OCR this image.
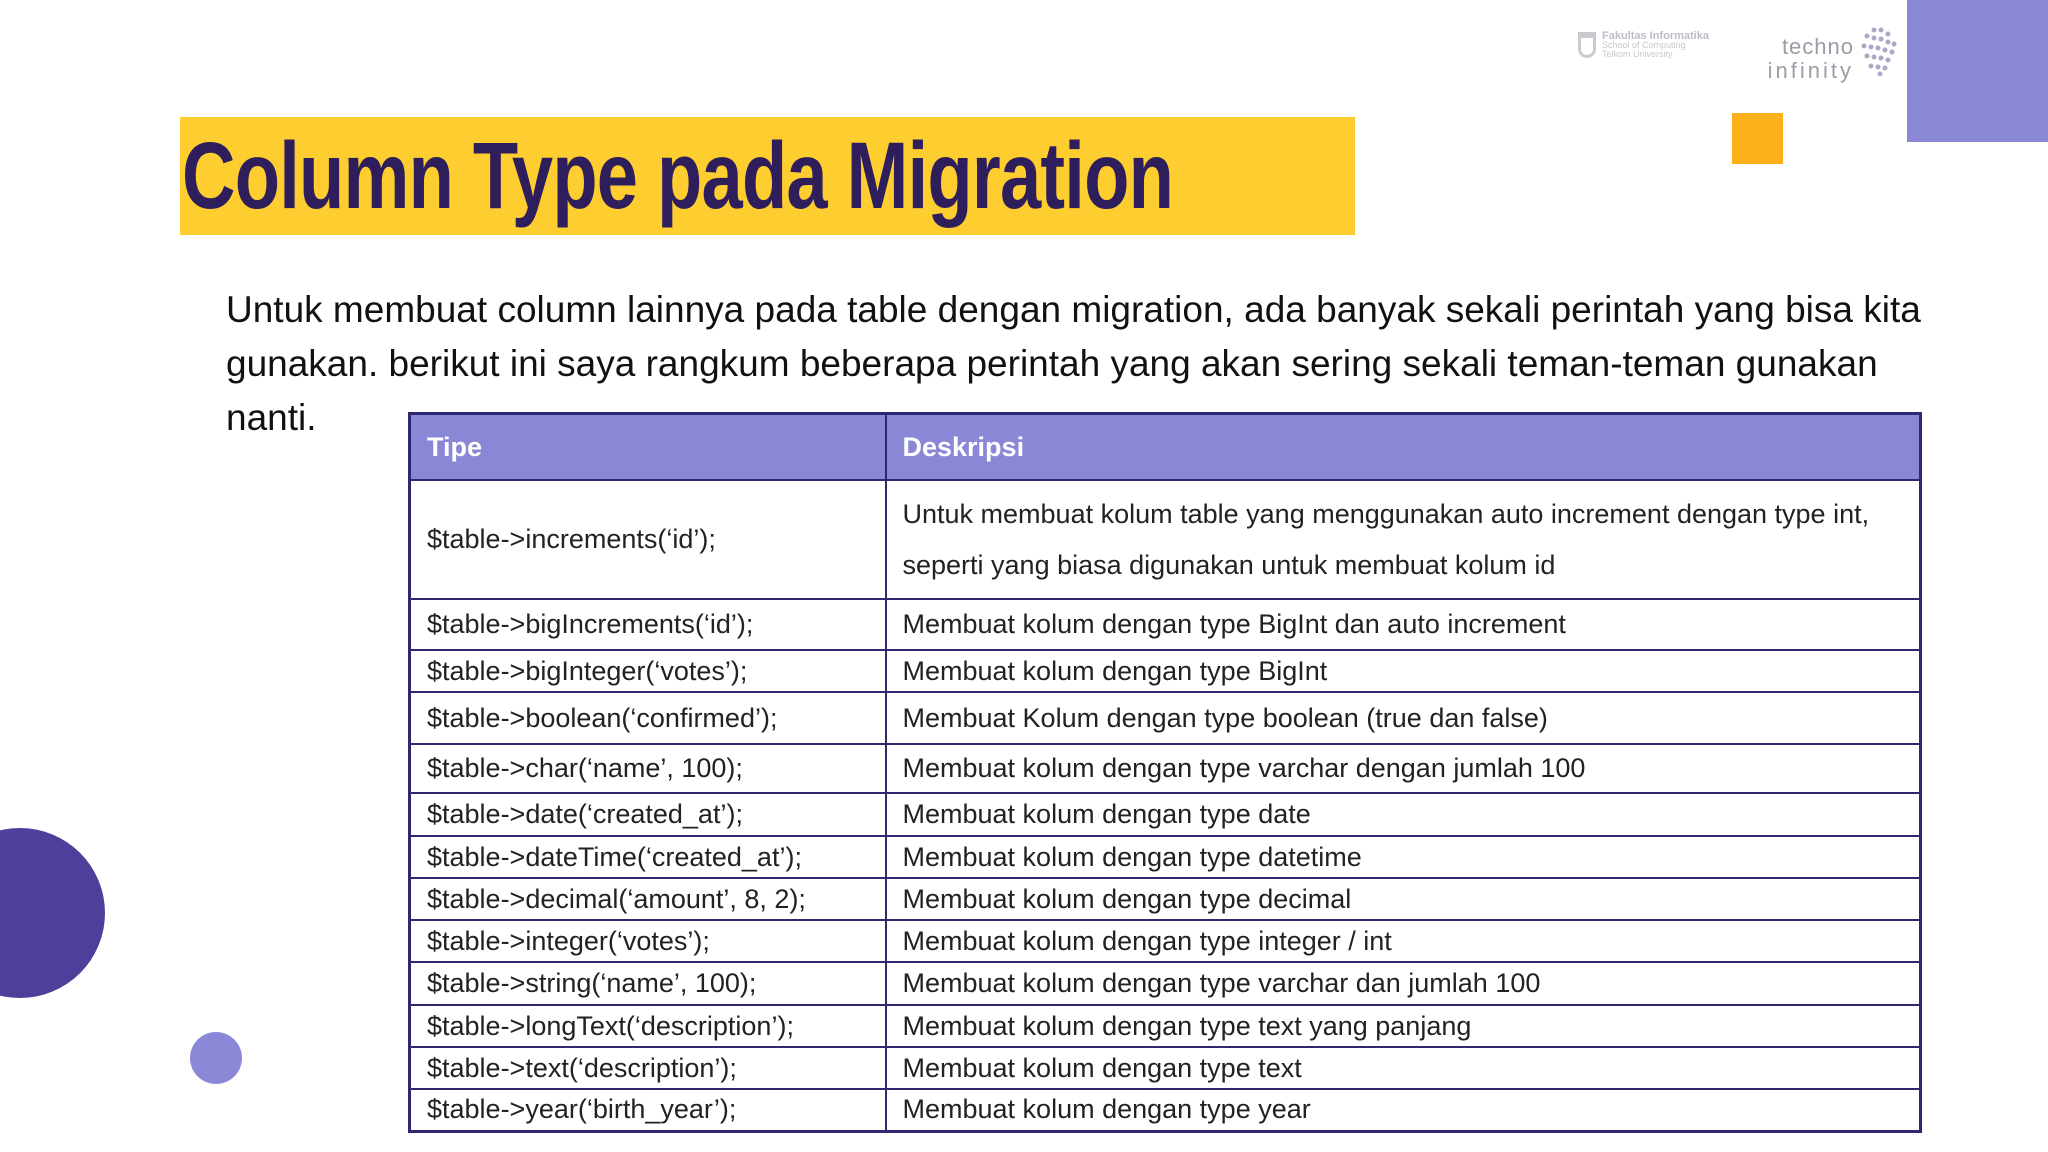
Fakultas Informatika
School of Computing
Telkom University	techno
infinity
Column Type pada Migration

Untuk membuat column lainnya pada table dengan migration, ada banyak sekali perintah yang bisa kita gunakan. berikut ini saya rangkum beberapa perintah yang akan sering sekali teman-teman gunakan nanti.

Tipe	Deskripsi
$table->increments(‘id’);	Untuk membuat kolum table yang menggunakan auto increment dengan type int, seperti yang biasa digunakan untuk membuat kolum id
$table->bigIncrements(‘id’);	Membuat kolum dengan type BigInt dan auto increment
$table->bigInteger(‘votes’);	Membuat kolum dengan type BigInt
$table->boolean(‘confirmed’);	Membuat Kolum dengan type boolean (true dan false)
$table->char(‘name’, 100);	Membuat kolum dengan type varchar dengan jumlah 100
$table->date(‘created_at’);	Membuat kolum dengan type date
$table->dateTime(‘created_at’);	Membuat kolum dengan type datetime
$table->decimal(‘amount’, 8, 2);	Membuat kolum dengan type decimal
$table->integer(‘votes’);	Membuat kolum dengan type integer / int
$table->string(‘name’, 100);	Membuat kolum dengan type varchar dan jumlah 100
$table->longText(‘description’);	Membuat kolum dengan type text yang panjang
$table->text(‘description’);	Membuat kolum dengan type text
$table->year(‘birth_year’);	Membuat kolum dengan type year
